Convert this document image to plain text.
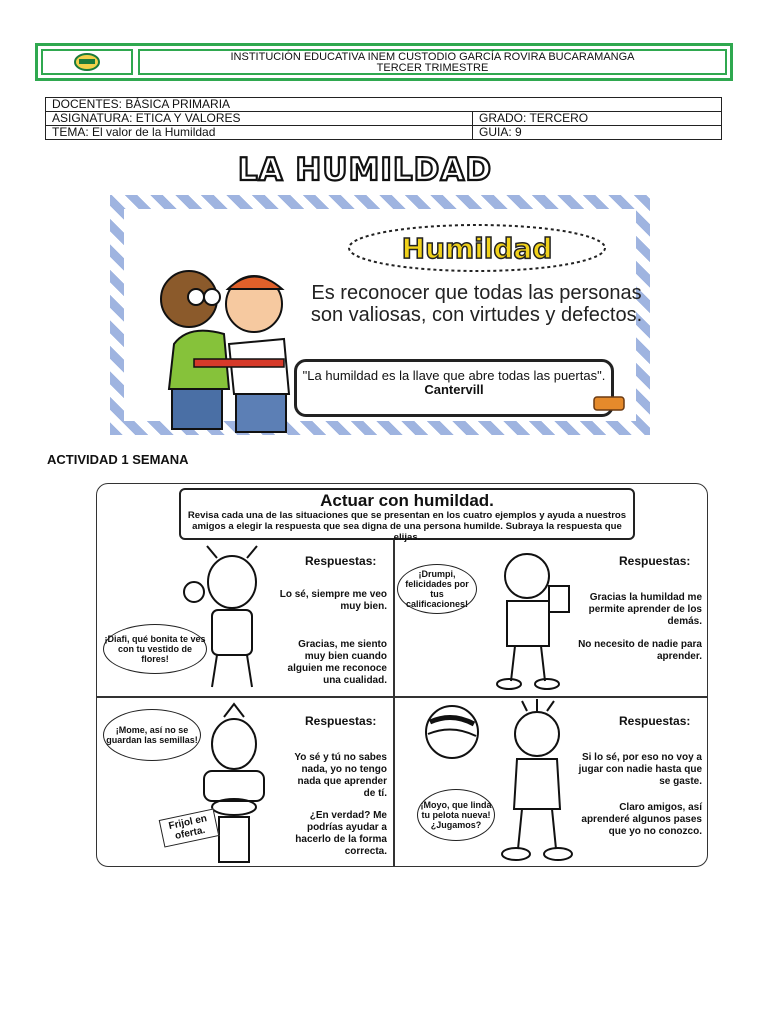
INSTITUCIÓN EDUCATIVA INEM CUSTODIO GARCÍA ROVIRA BUCARAMANGA
TERCER TRIMESTRE
DOCENTES: BÁSICA PRIMARIA	
ASIGNATURA: ETICA Y VALORES	GRADO: TERCERO
TEMA: El valor de la Humildad	GUIA: 9
LA HUMILDAD
Humildad
Es reconocer que todas las personas son valiosas, con virtudes y defectos.
"La humildad es la llave que abre todas las puertas".
Cantervill
ACTIVIDAD 1 SEMANA
Actuar con humildad.
Revisa cada una de las situaciones que se presentan en los cuatro ejemplos y ayuda a nuestros amigos a elegir la respuesta que sea digna de una persona humilde. Subraya la respuesta que elijas.
¡Diafi, qué bonita te ves con tu vestido de flores!
Respuestas:
Lo sé, siempre me veo muy bien.
Gracias, me siento muy bien cuando alguien me reconoce una cualidad.
¡Drumpi, felicidades por tus calificaciones!
Respuestas:
Gracias la humildad me permite aprender de los demás.
No necesito de nadie para aprender.
¡Mome, así no se guardan las semillas!
Frijol en oferta.
Respuestas:
Yo sé y tú no sabes nada, yo no tengo nada que aprender de tí.
¿En verdad? Me podrías ayudar a hacerlo de la forma correcta.
¡Moyo, que linda tu pelota nueva! ¿Jugamos?
Respuestas:
Si lo sé, por eso no voy a jugar con nadie hasta que se gaste.
Claro amigos, así aprenderé algunos pases que yo no conozco.
